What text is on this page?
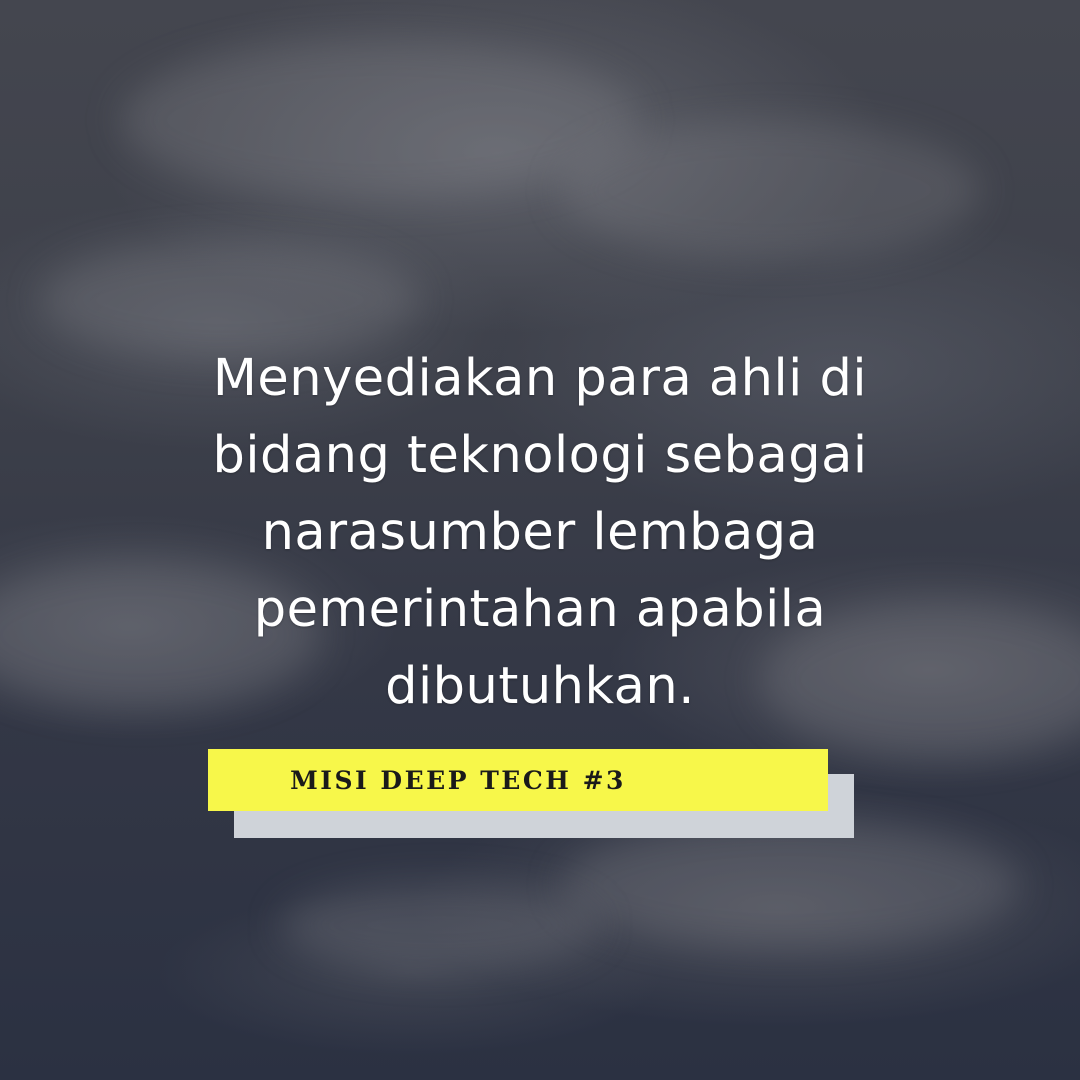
Menyediakan para ahli di
bidang teknologi sebagai
narasumber lembaga
pemerintahan apabila
dibutuhkan.

MISI DEEP TECH #3
